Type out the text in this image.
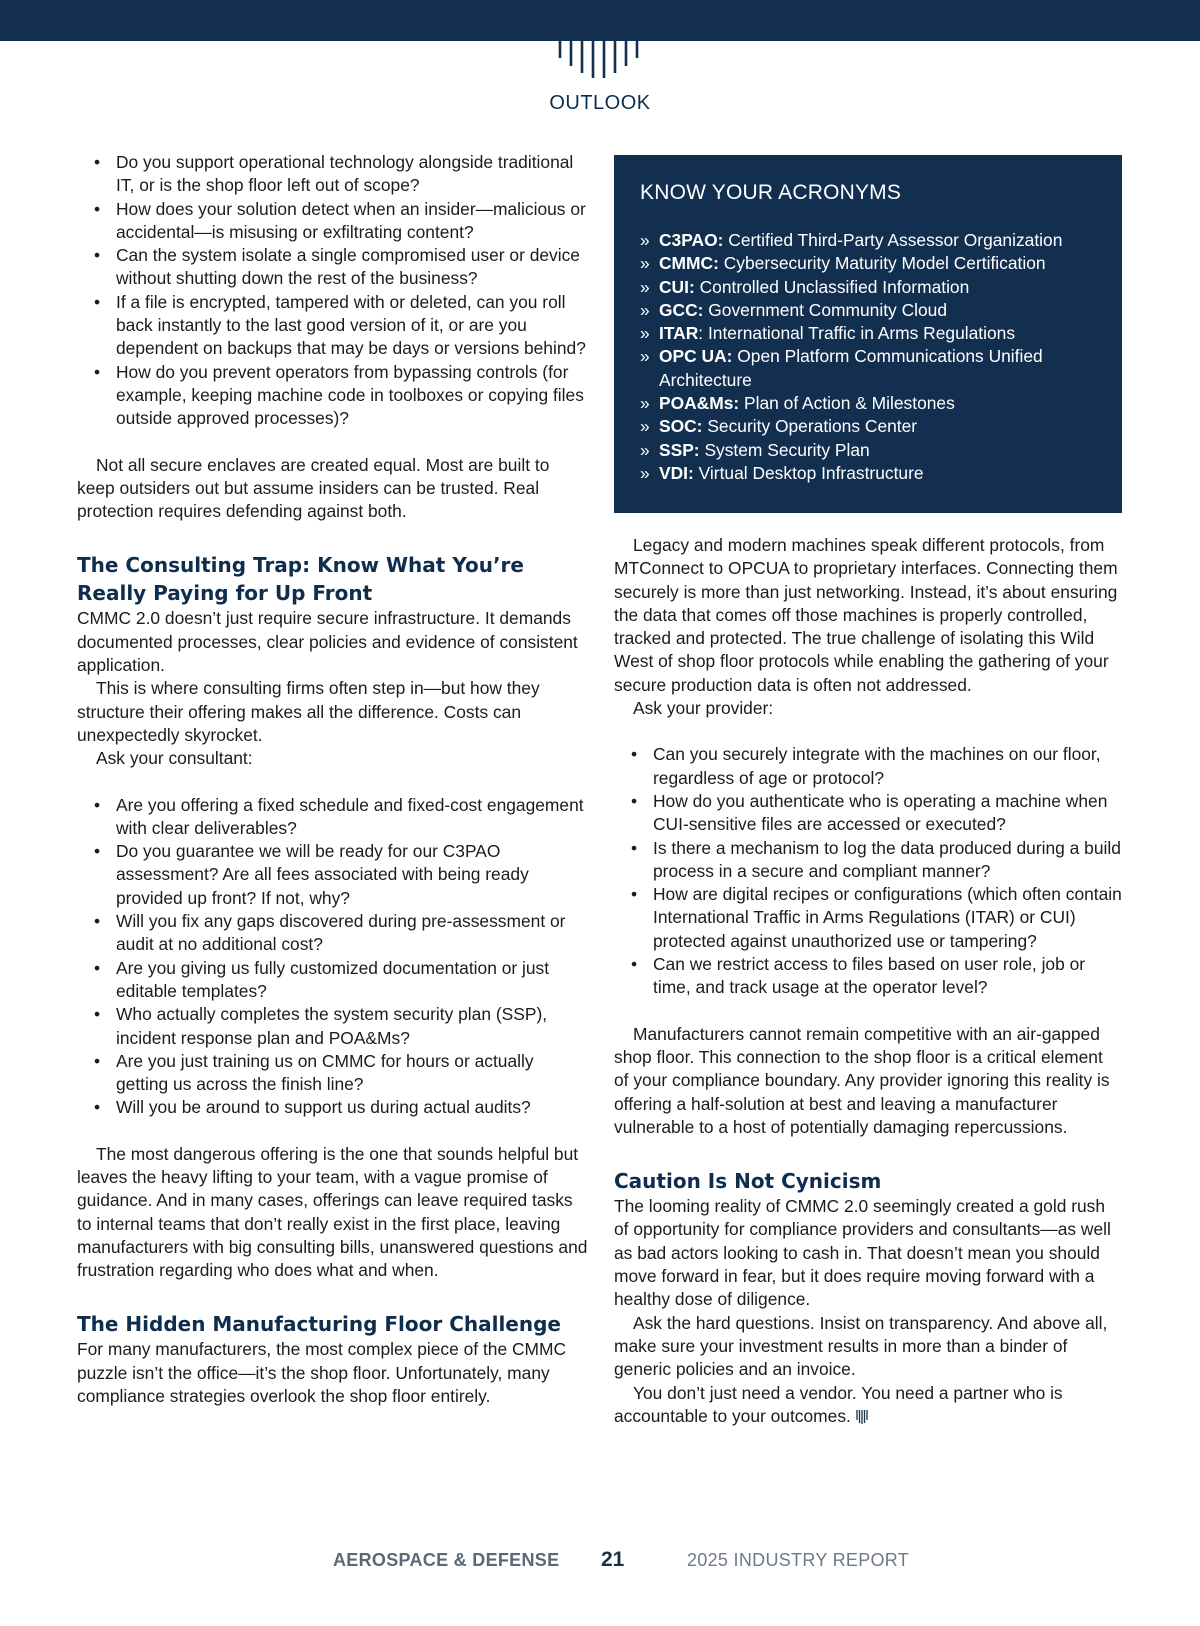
OUTLOOK
• Do you support operational technology alongside traditional IT, or is the shop floor left out of scope?
• How does your solution detect when an insider—malicious or accidental—is misusing or exfiltrating content?
• Can the system isolate a single compromised user or device without shutting down the rest of the business?
• If a file is encrypted, tampered with or deleted, can you roll back instantly to the last good version of it, or are you dependent on backups that may be days or versions behind?
• How do you prevent operators from bypassing controls (for example, keeping machine code in toolboxes or copying files outside approved processes)?

Not all secure enclaves are created equal. Most are built to keep outsiders out but assume insiders can be trusted. Real protection requires defending against both.

The Consulting Trap: Know What You’re Really Paying for Up Front

CMMC 2.0 doesn’t just require secure infrastructure. It demands documented processes, clear policies and evidence of consistent application.

This is where consulting firms often step in—but how they structure their offering makes all the difference. Costs can unexpectedly skyrocket.

Ask your consultant:

• Are you offering a fixed schedule and fixed-cost engagement with clear deliverables?
• Do you guarantee we will be ready for our C3PAO assessment? Are all fees associated with being ready provided up front? If not, why?
• Will you fix any gaps discovered during pre-assessment or audit at no additional cost?
• Are you giving us fully customized documentation or just editable templates?
• Who actually completes the system security plan (SSP), incident response plan and POA&Ms?
• Are you just training us on CMMC for hours or actually getting us across the finish line?
• Will you be around to support us during actual audits?

The most dangerous offering is the one that sounds helpful but leaves the heavy lifting to your team, with a vague promise of guidance. And in many cases, offerings can leave required tasks to internal teams that don’t really exist in the first place, leaving manufacturers with big consulting bills, unanswered questions and frustration regarding who does what and when.

The Hidden Manufacturing Floor Challenge

For many manufacturers, the most complex piece of the CMMC puzzle isn’t the office—it’s the shop floor. Unfortunately, many compliance strategies overlook the shop floor entirely.

KNOW YOUR ACRONYMS
» C3PAO: Certified Third-Party Assessor Organization
» CMMC: Cybersecurity Maturity Model Certification
» CUI: Controlled Unclassified Information
» GCC: Government Community Cloud
» ITAR: International Traffic in Arms Regulations
» OPC UA: Open Platform Communications Unified Architecture
» POA&Ms: Plan of Action & Milestones
» SOC: Security Operations Center
» SSP: System Security Plan
» VDI: Virtual Desktop Infrastructure

Legacy and modern machines speak different protocols, from MTConnect to OPCUA to proprietary interfaces. Connecting them securely is more than just networking. Instead, it’s about ensuring the data that comes off those machines is properly controlled, tracked and protected. The true challenge of isolating this Wild West of shop floor protocols while enabling the gathering of your secure production data is often not addressed.

Ask your provider:

• Can you securely integrate with the machines on our floor, regardless of age or protocol?
• How do you authenticate who is operating a machine when CUI-sensitive files are accessed or executed?
• Is there a mechanism to log the data produced during a build process in a secure and compliant manner?
• How are digital recipes or configurations (which often contain International Traffic in Arms Regulations (ITAR) or CUI) protected against unauthorized use or tampering?
• Can we restrict access to files based on user role, job or time, and track usage at the operator level?

Manufacturers cannot remain competitive with an air-gapped shop floor. This connection to the shop floor is a critical element of your compliance boundary. Any provider ignoring this reality is offering a half-solution at best and leaving a manufacturer vulnerable to a host of potentially damaging repercussions.

Caution Is Not Cynicism

The looming reality of CMMC 2.0 seemingly created a gold rush of opportunity for compliance providers and consultants—as well as bad actors looking to cash in. That doesn’t mean you should move forward in fear, but it does require moving forward with a healthy dose of diligence.

Ask the hard questions. Insist on transparency. And above all, make sure your investment results in more than a binder of generic policies and an invoice.

You don’t just need a vendor. You need a partner who is accountable to your outcomes.

AEROSPACE & DEFENSE 21	2025 INDUSTRY REPORT
